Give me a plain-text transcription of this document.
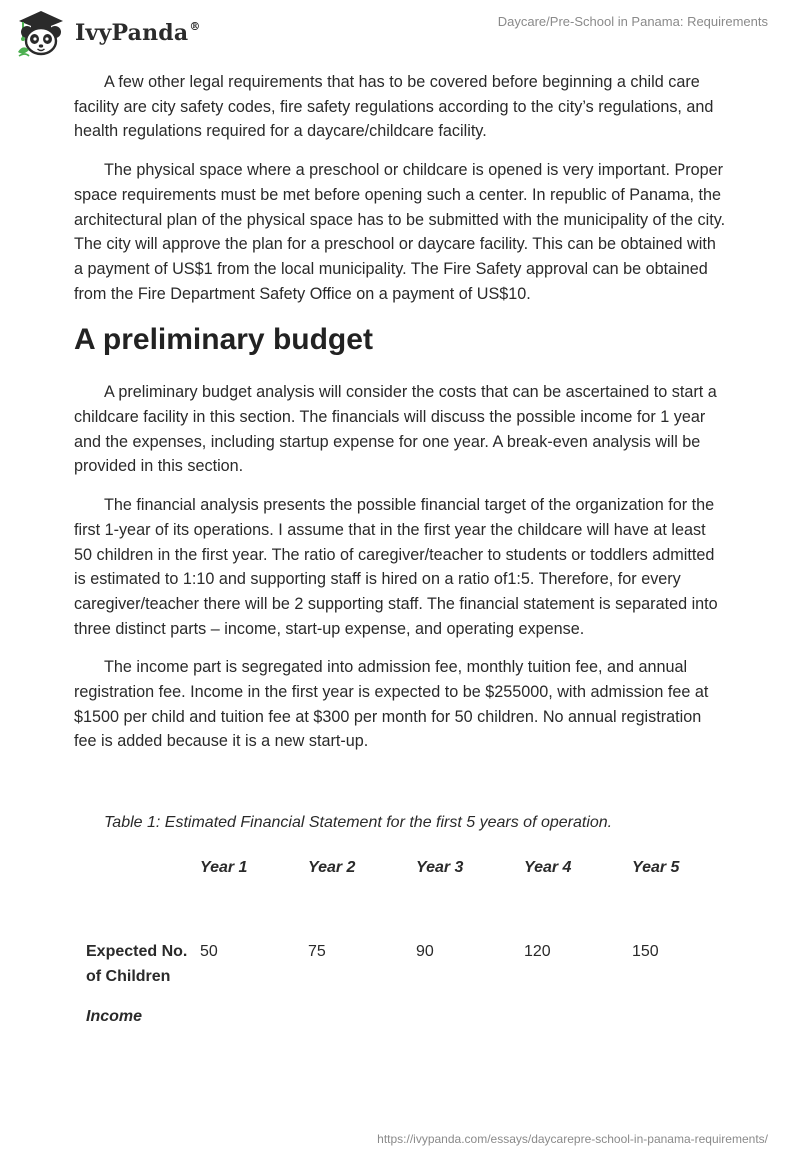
IvyPanda®	Daycare/Pre-School in Panama: Requirements

A few other legal requirements that has to be covered before beginning a child care facility are city safety codes, fire safety regulations according to the city’s regulations, and health regulations required for a daycare/childcare facility.

The physical space where a preschool or childcare is opened is very important. Proper space requirements must be met before opening such a center. In republic of Panama, the architectural plan of the physical space has to be submitted with the municipality of the city. The city will approve the plan for a preschool or daycare facility. This can be obtained with a payment of US$1 from the local municipality. The Fire Safety approval can be obtained from the Fire Department Safety Office on a payment of US$10.

A preliminary budget

A preliminary budget analysis will consider the costs that can be ascertained to start a childcare facility in this section. The financials will discuss the possible income for 1 year and the expenses, including startup expense for one year. A break-even analysis will be provided in this section.

The financial analysis presents the possible financial target of the organization for the first 1-year of its operations. I assume that in the first year the childcare will have at least 50 children in the first year. The ratio of caregiver/teacher to students or toddlers admitted is estimated to 1:10 and supporting staff is hired on a ratio of1:5. Therefore, for every caregiver/teacher there will be 2 supporting staff. The financial statement is separated into three distinct parts – income, start-up expense, and operating expense.

The income part is segregated into admission fee, monthly tuition fee, and annual registration fee. Income in the first year is expected to be $255000, with admission fee at $1500 per child and tuition fee at $300 per month for 50 children. No annual registration fee is added because it is a new start-up.

Table 1: Estimated Financial Statement for the first 5 years of operation.
	Year 1	Year 2	Year 3	Year 4	Year 5
Expected No. of Children	50	75	90	120	150
Income					
https://ivypanda.com/essays/daycarepre-school-in-panama-requirements/
